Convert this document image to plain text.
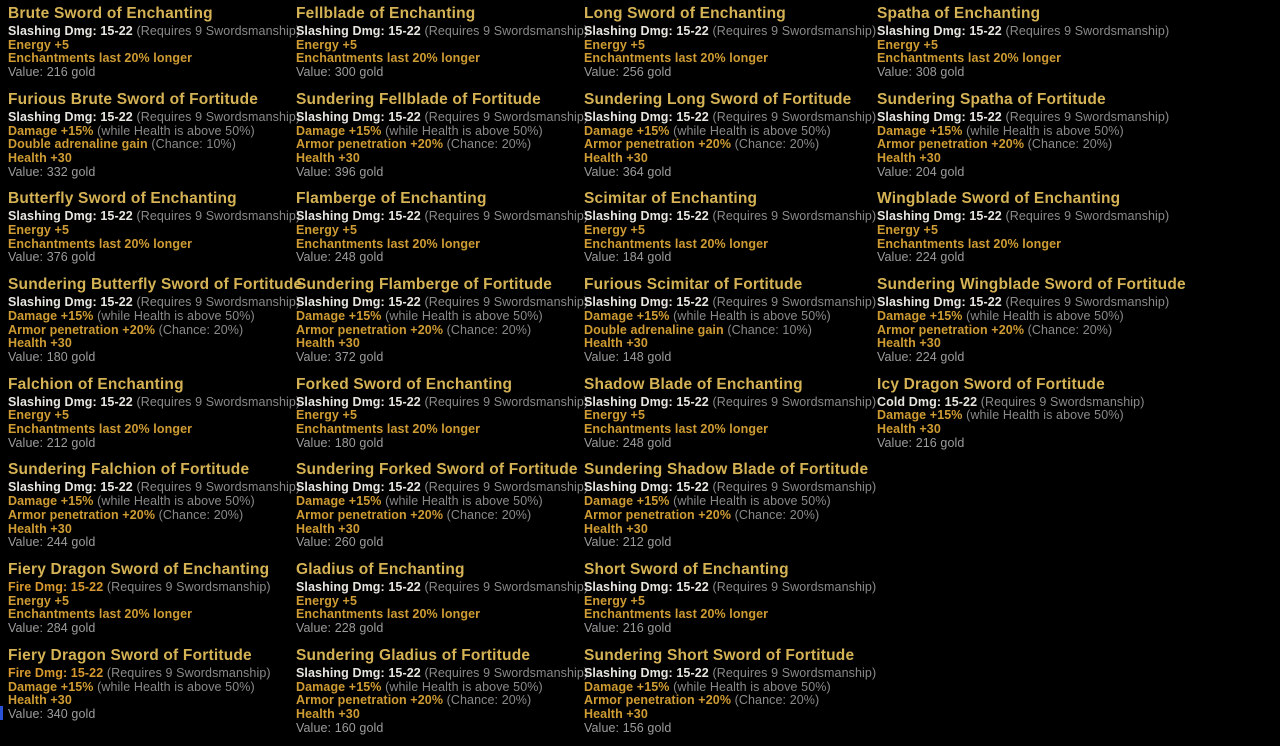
Brute Sword of Enchanting
Slashing Dmg: 15-22 (Requires 9 Swordsmanship)
Energy +5
Enchantments last 20% longer
Value: 216 gold
Furious Brute Sword of Fortitude
Slashing Dmg: 15-22 (Requires 9 Swordsmanship)
Damage +15% (while Health is above 50%)
Double adrenaline gain (Chance: 10%)
Health +30
Value: 332 gold
Butterfly Sword of Enchanting
Slashing Dmg: 15-22 (Requires 9 Swordsmanship)
Energy +5
Enchantments last 20% longer
Value: 376 gold
Sundering Butterfly Sword of Fortitude
Slashing Dmg: 15-22 (Requires 9 Swordsmanship)
Damage +15% (while Health is above 50%)
Armor penetration +20% (Chance: 20%)
Health +30
Value: 180 gold
Falchion of Enchanting
Slashing Dmg: 15-22 (Requires 9 Swordsmanship)
Energy +5
Enchantments last 20% longer
Value: 212 gold
Sundering Falchion of Fortitude
Slashing Dmg: 15-22 (Requires 9 Swordsmanship)
Damage +15% (while Health is above 50%)
Armor penetration +20% (Chance: 20%)
Health +30
Value: 244 gold
Fiery Dragon Sword of Enchanting
Fire Dmg: 15-22 (Requires 9 Swordsmanship)
Energy +5
Enchantments last 20% longer
Value: 284 gold
Fiery Dragon Sword of Fortitude
Fire Dmg: 15-22 (Requires 9 Swordsmanship)
Damage +15% (while Health is above 50%)
Health +30
Value: 340 gold
Fellblade of Enchanting
Slashing Dmg: 15-22 (Requires 9 Swordsmanship)
Energy +5
Enchantments last 20% longer
Value: 300 gold
Sundering Fellblade of Fortitude
Slashing Dmg: 15-22 (Requires 9 Swordsmanship)
Damage +15% (while Health is above 50%)
Armor penetration +20% (Chance: 20%)
Health +30
Value: 396 gold
Flamberge of Enchanting
Slashing Dmg: 15-22 (Requires 9 Swordsmanship)
Energy +5
Enchantments last 20% longer
Value: 248 gold
Sundering Flamberge of Fortitude
Slashing Dmg: 15-22 (Requires 9 Swordsmanship)
Damage +15% (while Health is above 50%)
Armor penetration +20% (Chance: 20%)
Health +30
Value: 372 gold
Forked Sword of Enchanting
Slashing Dmg: 15-22 (Requires 9 Swordsmanship)
Energy +5
Enchantments last 20% longer
Value: 180 gold
Sundering Forked Sword of Fortitude
Slashing Dmg: 15-22 (Requires 9 Swordsmanship)
Damage +15% (while Health is above 50%)
Armor penetration +20% (Chance: 20%)
Health +30
Value: 260 gold
Gladius of Enchanting
Slashing Dmg: 15-22 (Requires 9 Swordsmanship)
Energy +5
Enchantments last 20% longer
Value: 228 gold
Sundering Gladius of Fortitude
Slashing Dmg: 15-22 (Requires 9 Swordsmanship)
Damage +15% (while Health is above 50%)
Armor penetration +20% (Chance: 20%)
Health +30
Value: 160 gold
Long Sword of Enchanting
Slashing Dmg: 15-22 (Requires 9 Swordsmanship)
Energy +5
Enchantments last 20% longer
Value: 256 gold
Sundering Long Sword of Fortitude
Slashing Dmg: 15-22 (Requires 9 Swordsmanship)
Damage +15% (while Health is above 50%)
Armor penetration +20% (Chance: 20%)
Health +30
Value: 364 gold
Scimitar of Enchanting
Slashing Dmg: 15-22 (Requires 9 Swordsmanship)
Energy +5
Enchantments last 20% longer
Value: 184 gold
Furious Scimitar of Fortitude
Slashing Dmg: 15-22 (Requires 9 Swordsmanship)
Damage +15% (while Health is above 50%)
Double adrenaline gain (Chance: 10%)
Health +30
Value: 148 gold
Shadow Blade of Enchanting
Slashing Dmg: 15-22 (Requires 9 Swordsmanship)
Energy +5
Enchantments last 20% longer
Value: 248 gold
Sundering Shadow Blade of Fortitude
Slashing Dmg: 15-22 (Requires 9 Swordsmanship)
Damage +15% (while Health is above 50%)
Armor penetration +20% (Chance: 20%)
Health +30
Value: 212 gold
Short Sword of Enchanting
Slashing Dmg: 15-22 (Requires 9 Swordsmanship)
Energy +5
Enchantments last 20% longer
Value: 216 gold
Sundering Short Sword of Fortitude
Slashing Dmg: 15-22 (Requires 9 Swordsmanship)
Damage +15% (while Health is above 50%)
Armor penetration +20% (Chance: 20%)
Health +30
Value: 156 gold
Spatha of Enchanting
Slashing Dmg: 15-22 (Requires 9 Swordsmanship)
Energy +5
Enchantments last 20% longer
Value: 308 gold
Sundering Spatha of Fortitude
Slashing Dmg: 15-22 (Requires 9 Swordsmanship)
Damage +15% (while Health is above 50%)
Armor penetration +20% (Chance: 20%)
Health +30
Value: 204 gold
Wingblade Sword of Enchanting
Slashing Dmg: 15-22 (Requires 9 Swordsmanship)
Energy +5
Enchantments last 20% longer
Value: 224 gold
Sundering Wingblade Sword of Fortitude
Slashing Dmg: 15-22 (Requires 9 Swordsmanship)
Damage +15% (while Health is above 50%)
Armor penetration +20% (Chance: 20%)
Health +30
Value: 224 gold
Icy Dragon Sword of Fortitude
Cold Dmg: 15-22 (Requires 9 Swordsmanship)
Damage +15% (while Health is above 50%)
Health +30
Value: 216 gold
